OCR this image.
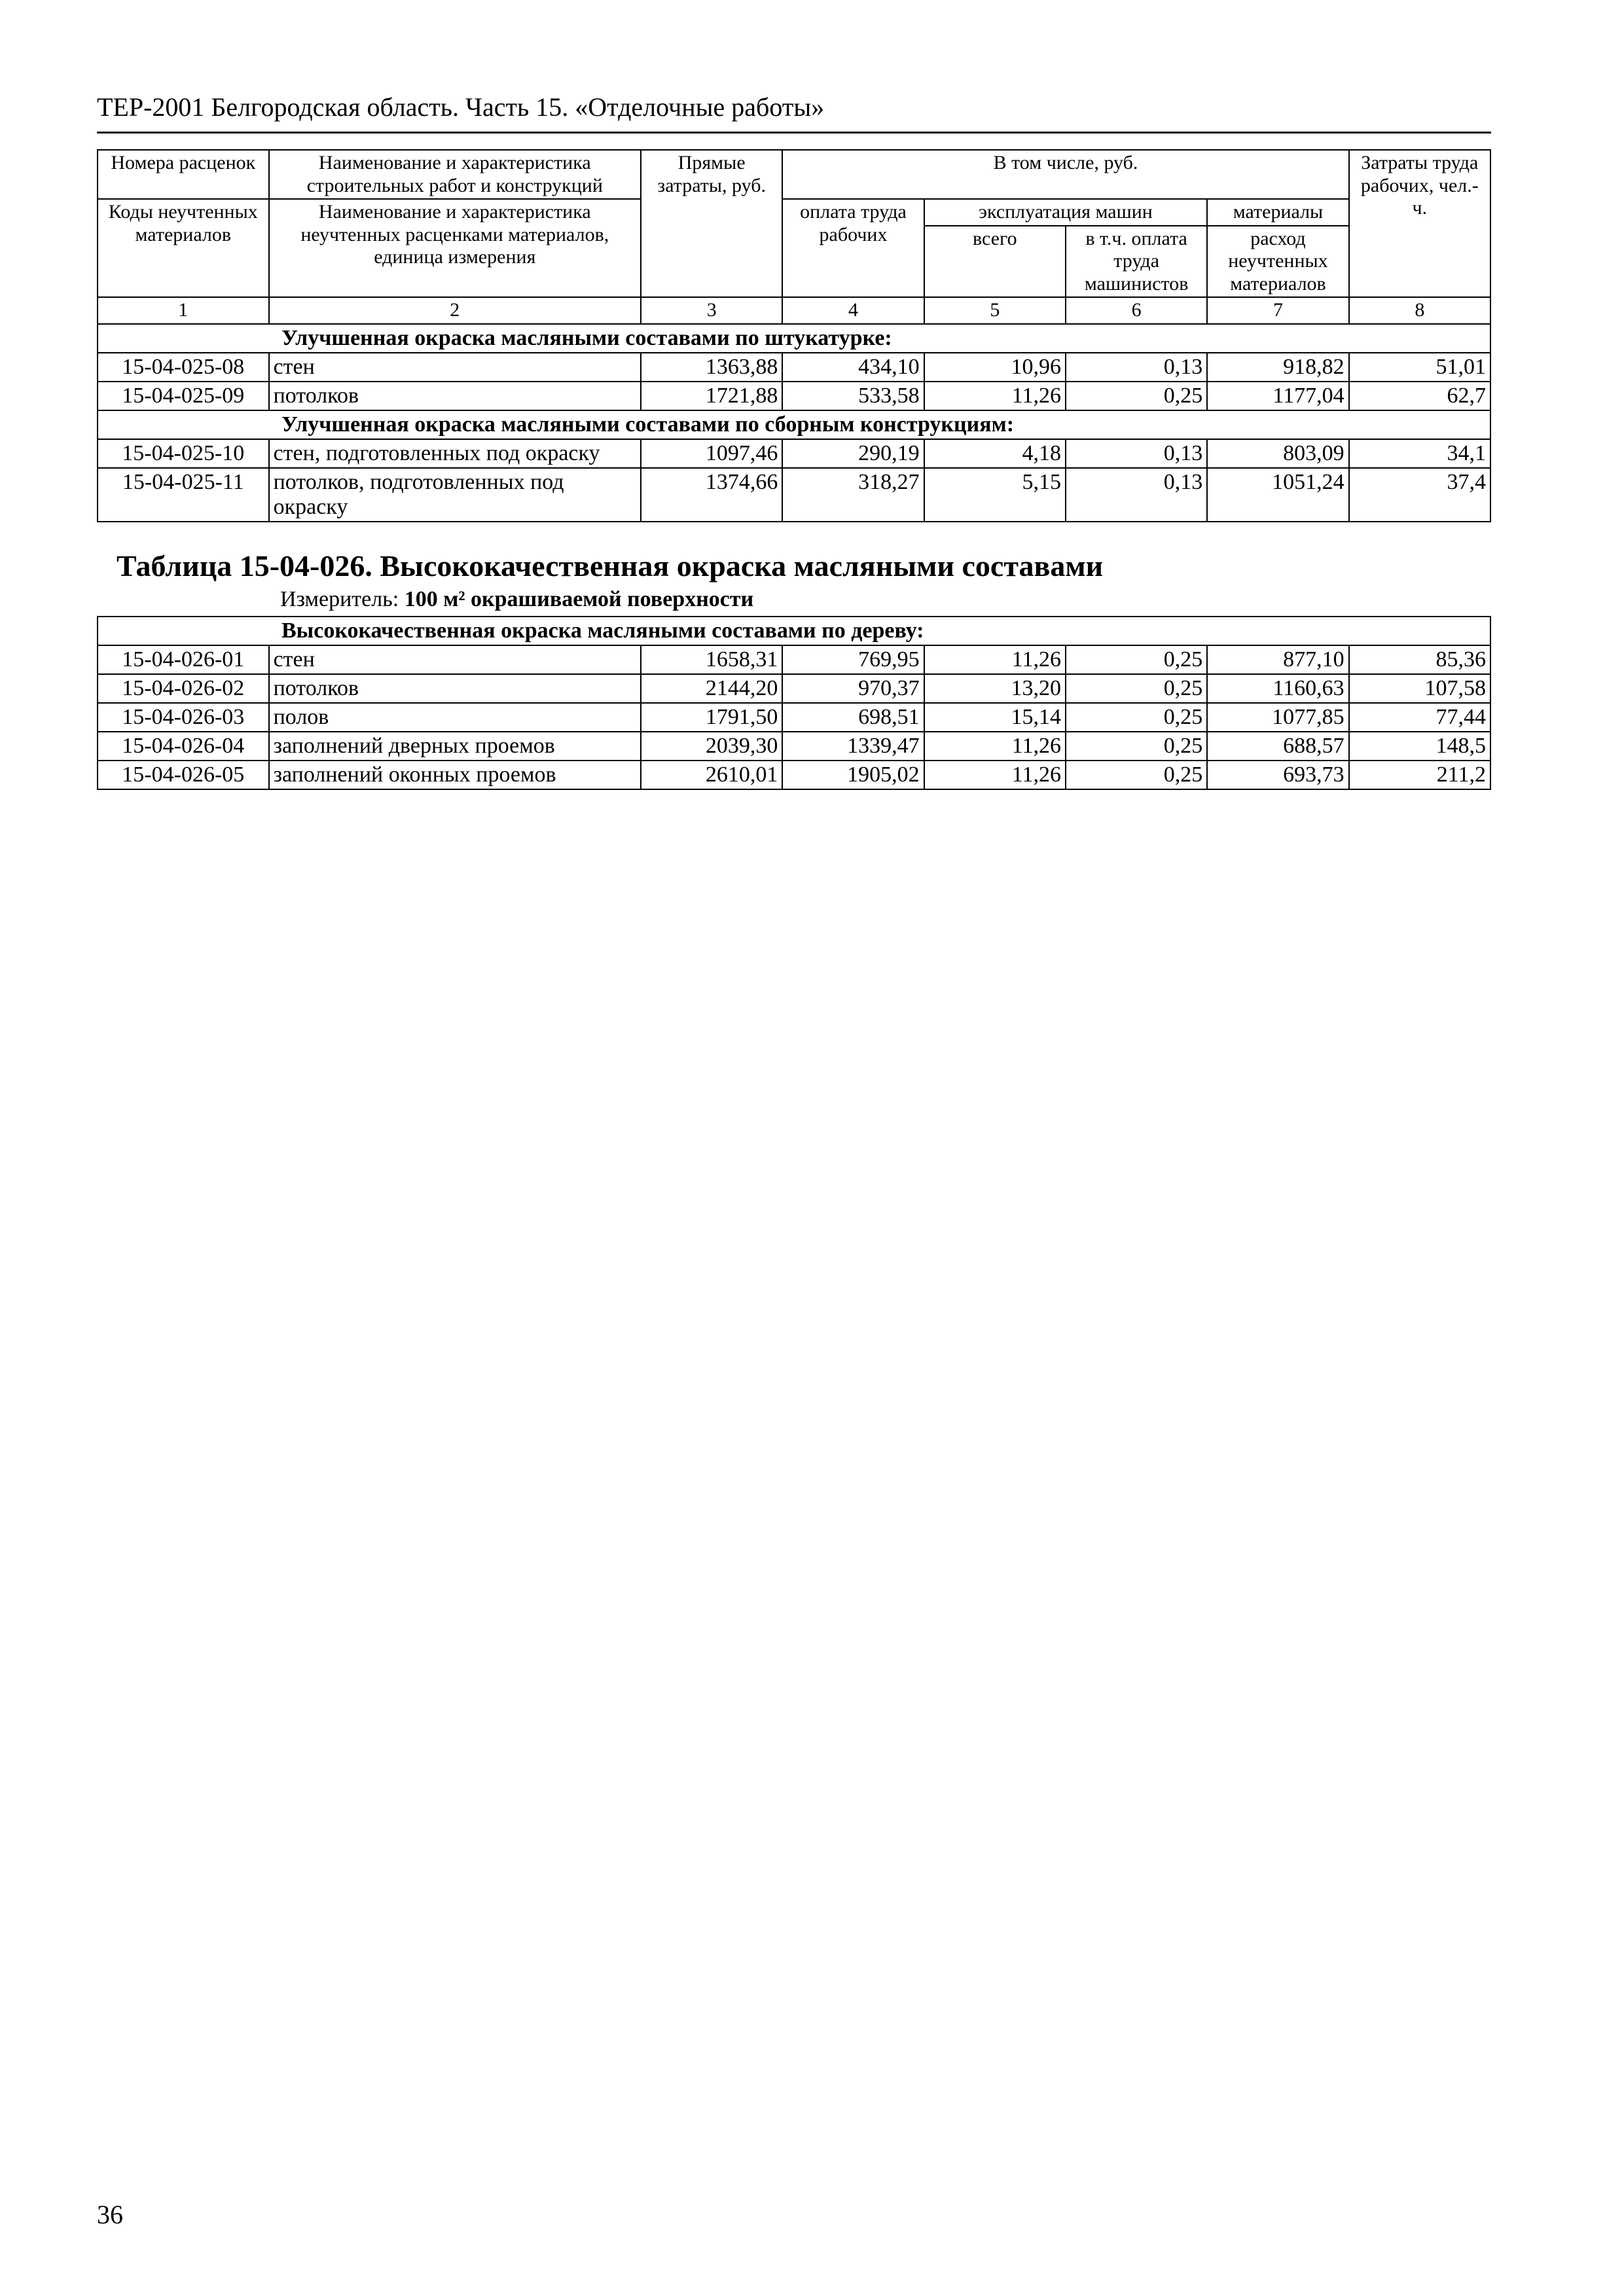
ТЕР-2001 Белгородская область. Часть 15. «Отделочные работы»
Номера расценок	Наименование и характеристика строительных работ и конструкций	Прямые затраты, руб.	В том числе, руб.				Затраты труда рабочих, чел.-ч.
Коды неучтенных материалов	Наименование и характеристика неучтенных расценками материалов, единица измерения		оплата труда рабочих	эксплуатация машин		материалы	
				всего	в т.ч. оплата труда машинистов	расход неучтенных материалов	
1	2	3	4	5	6	7	8
Улучшенная окраска масляными составами по штукатурке:							
15-04-025-08	стен	1363,88	434,10	10,96	0,13	918,82	51,01
15-04-025-09	потолков	1721,88	533,58	11,26	0,25	1177,04	62,7
Улучшенная окраска масляными составами по сборным конструкциям:							
15-04-025-10	стен, подготовленных под окраску	1097,46	290,19	4,18	0,13	803,09	34,1
15-04-025-11	потолков, подготовленных под окраску	1374,66	318,27	5,15	0,13	1051,24	37,4
Таблица 15-04-026. Высококачественная окраска масляными составами
Измеритель: 100 м² окрашиваемой поверхности
Высококачественная окраска масляными составами по дереву:							
15-04-026-01	стен	1658,31	769,95	11,26	0,25	877,10	85,36
15-04-026-02	потолков	2144,20	970,37	13,20	0,25	1160,63	107,58
15-04-026-03	полов	1791,50	698,51	15,14	0,25	1077,85	77,44
15-04-026-04	заполнений дверных проемов	2039,30	1339,47	11,26	0,25	688,57	148,5
15-04-026-05	заполнений оконных проемов	2610,01	1905,02	11,26	0,25	693,73	211,2
36
